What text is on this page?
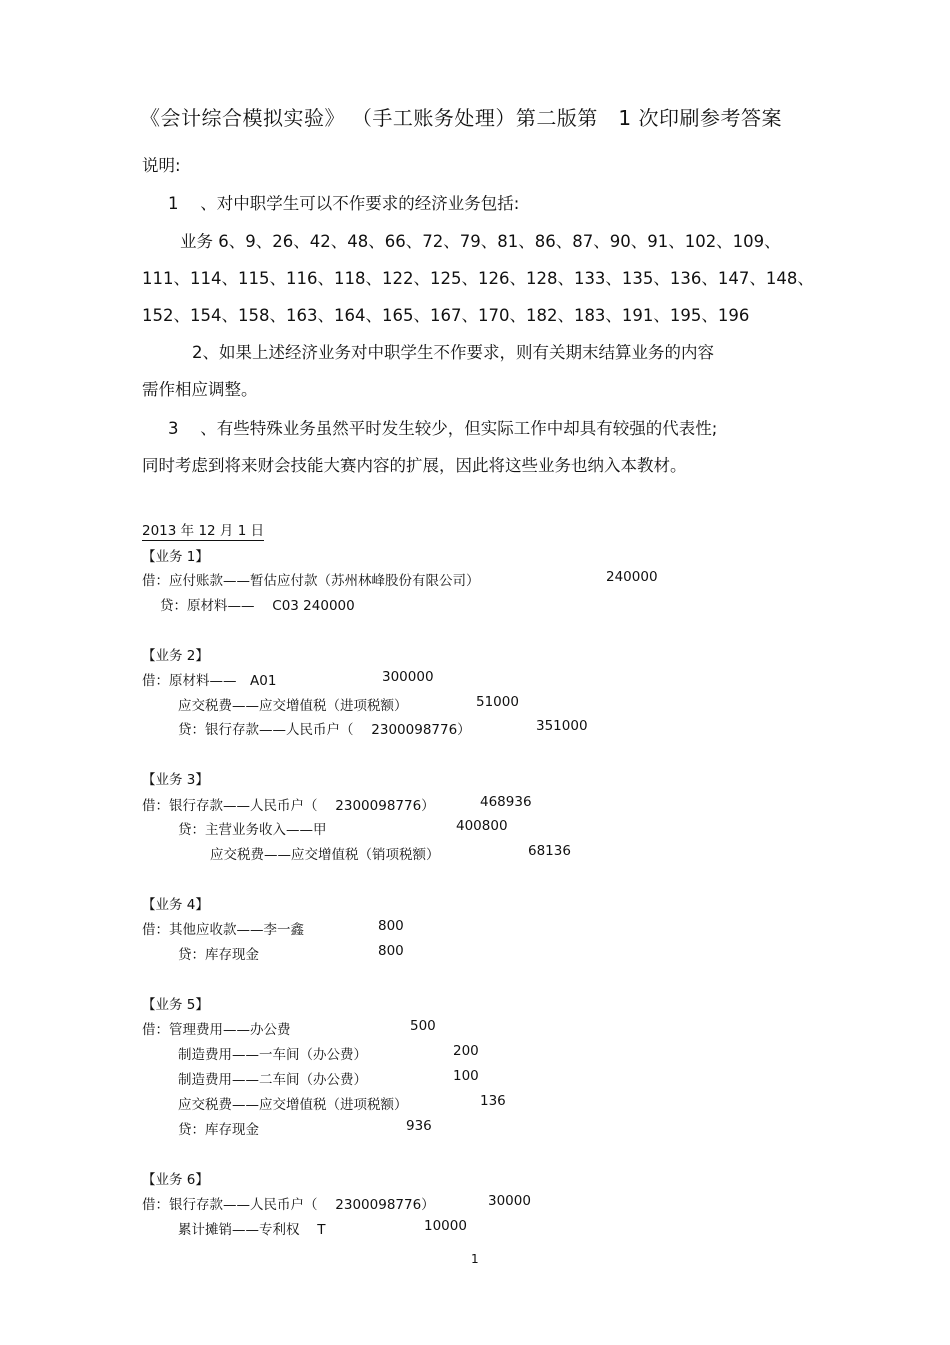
《会计综合模拟实验》 （手工账务处理）第二版第　1 次印刷参考答案
说明:
1　 、对中职学生可以不作要求的经济业务包括:
业务 6、9、26、42、48、66、72、79、81、86、87、90、91、102、109、
111、114、115、116、118、122、125、126、128、133、135、136、147、148、
152、154、158、163、164、165、167、170、182、183、191、195、196
2、如果上述经济业务对中职学生不作要求，则有关期末结算业务的内容
需作相应调整。
3　 、有些特殊业务虽然平时发生较少，但实际工作中却具有较强的代表性;
同时考虑到将来财会技能大赛内容的扩展，因此将这些业务也纳入本教材。
2013 年 12 月 1 日
【业务 1】
借：应付账款——暂估应付款（苏州林峰股份有限公司）	240000
贷：原材料——　 C03 240000
【业务 2】
借：原材料——　A01	300000
应交税费——应交增值税（进项税额）	51000
贷：银行存款——人民币户（　 2300098776）	351000
【业务 3】
借：银行存款——人民币户（　 2300098776）	468936
贷：主营业务收入——甲	400800
应交税费——应交增值税（销项税额）	68136
【业务 4】
借：其他应收款——李一鑫	800
贷：库存现金	800
【业务 5】
借：管理费用——办公费	500
制造费用——一车间（办公费）	200
制造费用——二车间（办公费）	100
应交税费——应交增值税（进项税额）	136
贷：库存现金	936
【业务 6】
借：银行存款——人民币户（　 2300098776）	30000
累计摊销——专利权　 T	10000
1
